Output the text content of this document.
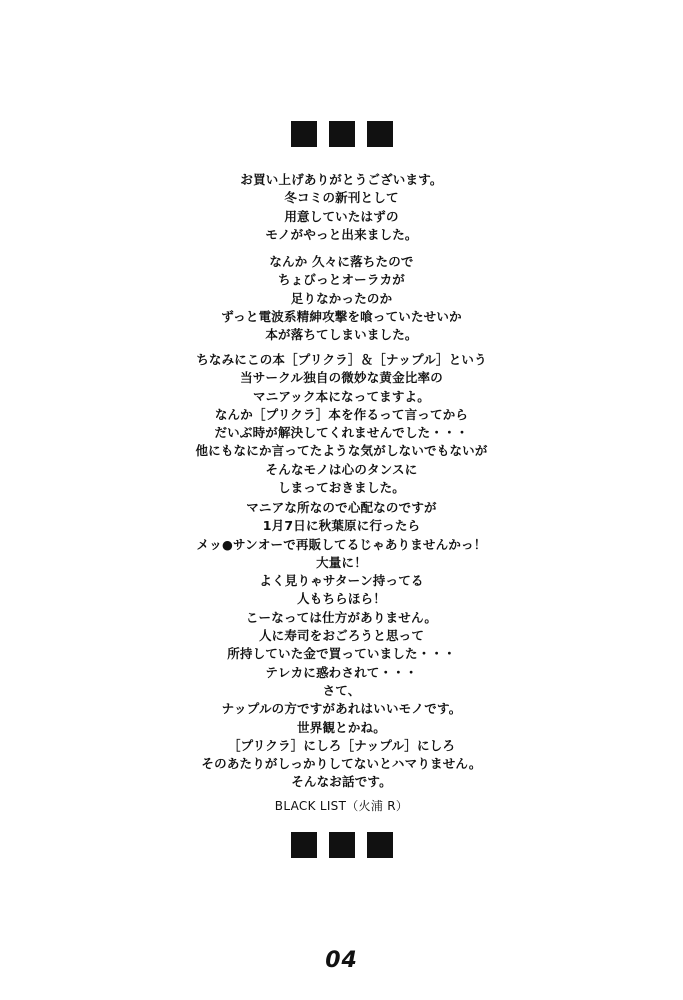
お買い上げありがとうございます。
冬コミの新刊として
用意していたはずの
モノがやっと出来ました。
なんか 久々に落ちたので
ちょびっとオーラカが
足りなかったのか
ずっと電波系精紳攻撃を喰っていたせいか
本が落ちてしまいました。
ちなみにこの本［プリクラ］＆［ナップル］という
当サークル独自の微妙な黄金比率の
マニアック本になってますよ。
なんか［プリクラ］本を作るって言ってから
だいぶ時が解決してくれませんでした・・・
他にもなにか言ってたような気がしないでもないが
そんなモノは心のタンスに
しまっておきました。
マニアな所なので心配なのですが
1月7日に秋葉原に行ったら
メッ●サンオーで再販してるじゃありませんかっ！
大量に！
よく見りゃサターン持ってる
人もちらほら！
こーなっては仕方がありません。
人に寿司をおごろうと思って
所持していた金で買っていました・・・
テレカに惑わされて・・・
さて、
ナップルの方ですがあれはいいモノです。
世界観とかね。
［プリクラ］にしろ［ナップル］にしろ
そのあたりがしっかりしてないとハマりません。
そんなお話です。
BLACK LIST（火浦 R）
04
